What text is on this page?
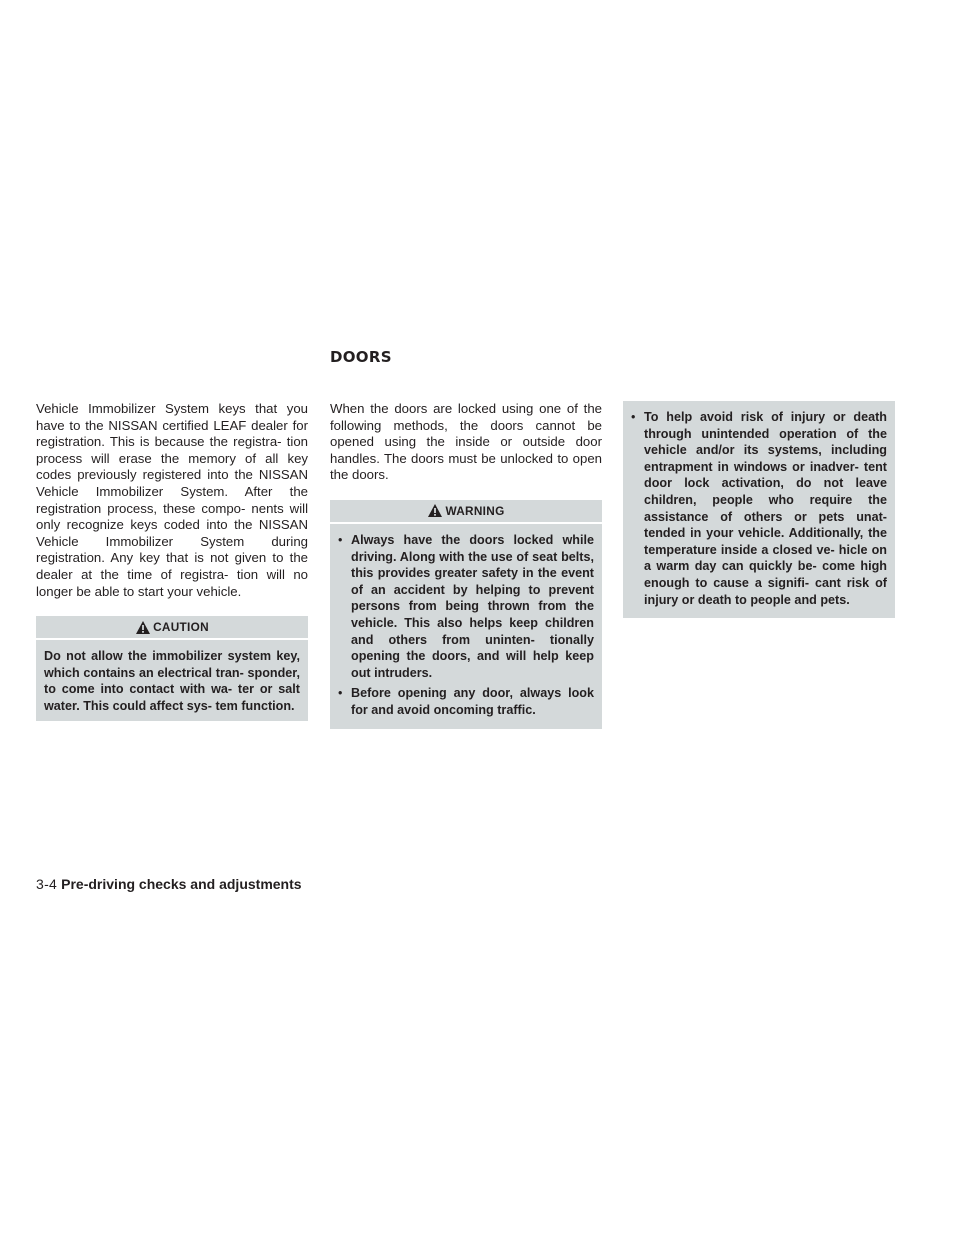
DOORS

Vehicle Immobilizer System keys that you have to the NISSAN certified LEAF dealer for registration. This is because the registra- tion process will erase the memory of all key codes previously registered into the NISSAN Vehicle Immobilizer System. After the registration process, these compo- nents will only recognize keys coded into the NISSAN Vehicle Immobilizer System during registration. Any key that is not given to the dealer at the time of registra- tion will no longer be able to start your vehicle.

CAUTION
Do not allow the immobilizer system key, which contains an electrical tran- sponder, to come into contact with wa- ter or salt water. This could affect sys- tem function.

When the doors are locked using one of the following methods, the doors cannot be opened using the inside or outside door handles. The doors must be unlocked to open the doors.

WARNING
• Always have the doors locked while driving. Along with the use of seat belts, this provides greater safety in the event of an accident by helping to prevent persons from being thrown from the vehicle. This also helps keep children and others from uninten- tionally opening the doors, and will help keep out intruders.
• Before opening any door, always look for and avoid oncoming traffic.
• To help avoid risk of injury or death through unintended operation of the vehicle and/or its systems, including entrapment in windows or inadver- tent door lock activation, do not leave children, people who require the assistance of others or pets unat- tended in your vehicle. Additionally, the temperature inside a closed ve- hicle on a warm day can quickly be- come high enough to cause a signifi- cant risk of injury or death to people and pets.
3-4 Pre-driving checks and adjustments
